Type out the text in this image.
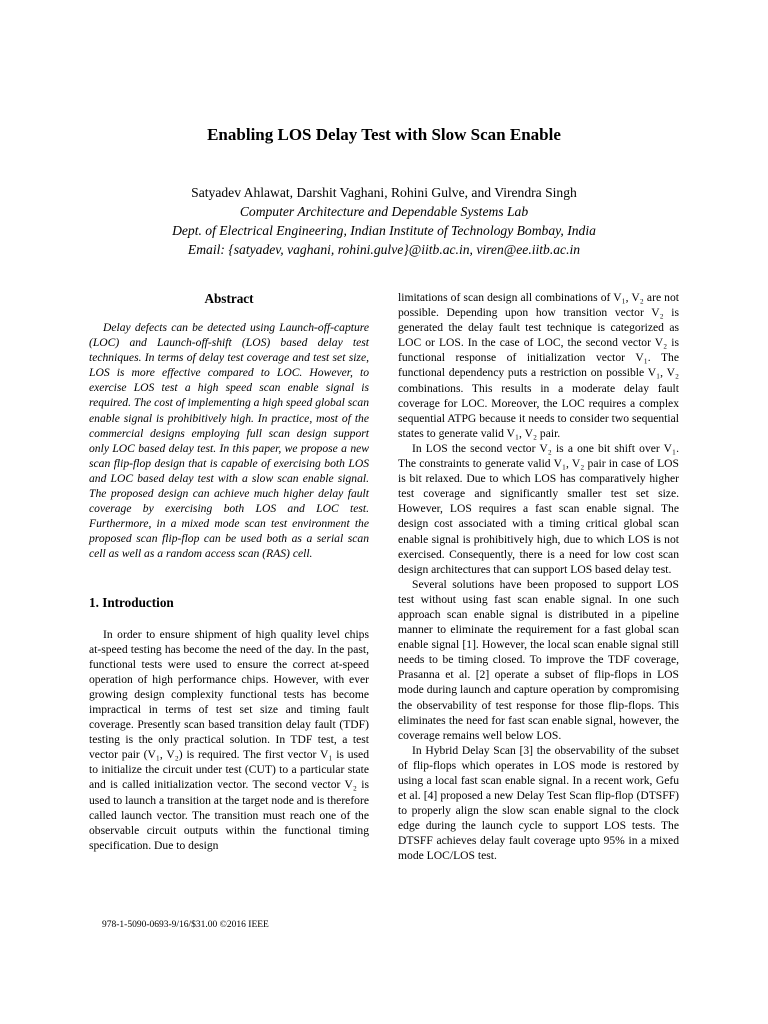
Enabling LOS Delay Test with Slow Scan Enable
Satyadev Ahlawat, Darshit Vaghani, Rohini Gulve, and Virendra Singh
Computer Architecture and Dependable Systems Lab
Dept. of Electrical Engineering, Indian Institute of Technology Bombay, India
Email: {satyadev, vaghani, rohini.gulve}@iitb.ac.in, viren@ee.iitb.ac.in
Abstract

Delay defects can be detected using Launch-off-capture (LOC) and Launch-off-shift (LOS) based delay test techniques. In terms of delay test coverage and test set size, LOS is more effective compared to LOC. However, to exercise LOS test a high speed scan enable signal is required. The cost of implementing a high speed global scan enable signal is prohibitively high. In practice, most of the commercial designs employing full scan design support only LOC based delay test. In this paper, we propose a new scan flip-flop design that is capable of exercising both LOS and LOC based delay test with a slow scan enable signal. The proposed design can achieve much higher delay fault coverage by exercising both LOS and LOC test. Furthermore, in a mixed mode scan test environment the proposed scan flip-flop can be used both as a serial scan cell as well as a random access scan (RAS) cell.

1. Introduction

In order to ensure shipment of high quality level chips at-speed testing has become the need of the day. In the past, functional tests were used to ensure the correct at-speed operation of high performance chips. However, with ever growing design complexity functional tests has become impractical in terms of test set size and timing fault coverage. Presently scan based transition delay fault (TDF) testing is the only practical solution. In TDF test, a test vector pair (V₁, V₂) is required. The first vector V₁ is used to initialize the circuit under test (CUT) to a particular state and is called initialization vector. The second vector V₂ is used to launch a transition at the target node and is therefore called launch vector. The transition must reach one of the observable circuit outputs within the functional timing specification. Due to design

limitations of scan design all combinations of V₁, V₂ are not possible. Depending upon how transition vector V₂ is generated the delay fault test technique is categorized as LOC or LOS. In the case of LOC, the second vector V₂ is functional response of initialization vector V₁. The functional dependency puts a restriction on possible V₁, V₂ combinations. This results in a moderate delay fault coverage for LOC. Moreover, the LOC requires a complex sequential ATPG because it needs to consider two sequential states to generate valid V₁, V₂ pair.

In LOS the second vector V₂ is a one bit shift over V₁. The constraints to generate valid V₁, V₂ pair in case of LOS is bit relaxed. Due to which LOS has comparatively higher test coverage and significantly smaller test set size. However, LOS requires a fast scan enable signal. The design cost associated with a timing critical global scan enable signal is prohibitively high, due to which LOS is not exercised. Consequently, there is a need for low cost scan design architectures that can support LOS based delay test.

Several solutions have been proposed to support LOS test without using fast scan enable signal. In one such approach scan enable signal is distributed in a pipeline manner to eliminate the requirement for a fast global scan enable signal [1]. However, the local scan enable signal still needs to be timing closed. To improve the TDF coverage, Prasanna et al. [2] operate a subset of flip-flops in LOS mode during launch and capture operation by compromising the observability of test response for those flip-flops. This eliminates the need for fast scan enable signal, however, the coverage remains well below LOS.

In Hybrid Delay Scan [3] the observability of the subset of flip-flops which operates in LOS mode is restored by using a local fast scan enable signal. In a recent work, Gefu et al. [4] proposed a new Delay Test Scan flip-flop (DTSFF) to properly align the slow scan enable signal to the clock edge during the launch cycle to support LOS tests. The DTSFF achieves delay fault coverage upto 95% in a mixed mode LOC/LOS test.

978-1-5090-0693-9/16/$31.00 ©2016 IEEE
